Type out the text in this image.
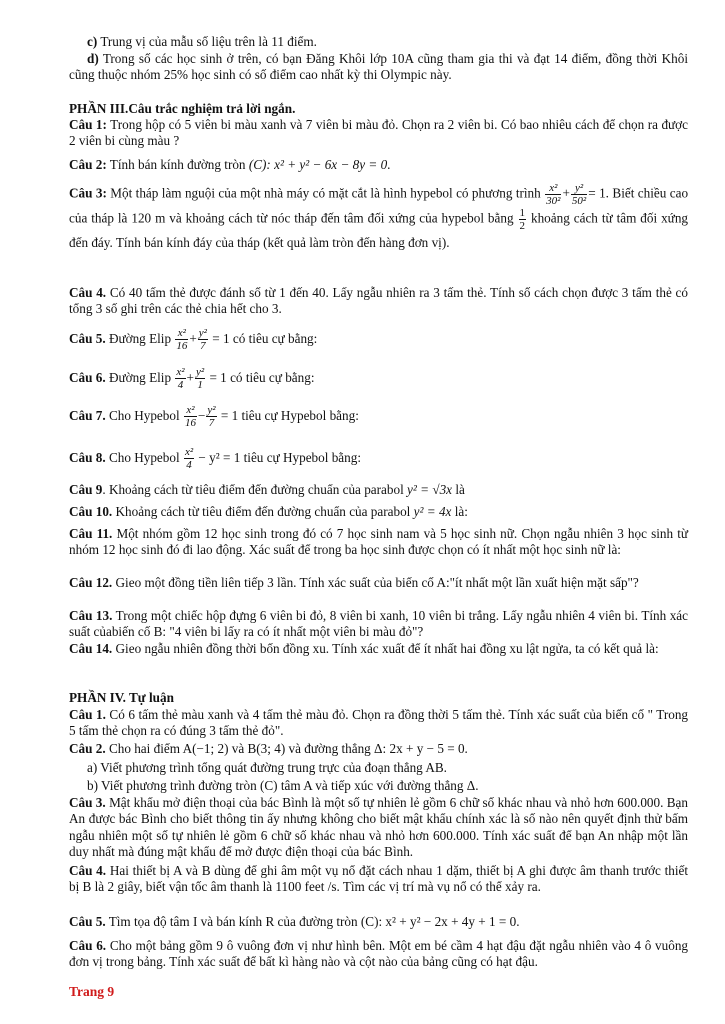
c) Trung vị của mẫu số liệu trên là 11 điểm.
d) Trong số các học sinh ở trên, có bạn Đăng Khôi lớp 10A cũng tham gia thi và đạt 14 điểm, đồng thời Khôi cũng thuộc nhóm 25% học sinh có số điểm cao nhất kỳ thi Olympic này.
PHẦN III.Câu trắc nghiệm trả lời ngắn.
Câu 1: Trong hộp có 5 viên bi màu xanh và 7 viên bi màu đỏ. Chọn ra 2 viên bi. Có bao nhiêu cách để chọn ra được 2 viên bi cùng màu ?
Câu 2: Tính bán kính đường tròn (C): x² + y² − 6x − 8y = 0.
Câu 3: Một tháp làm nguội của một nhà máy có mặt cắt là hình hypebol có phương trình $\frac{\text{x²}}{\text{30²}} + \frac{\text{y²}}{\text{50²}} = 1$. Biết chiều cao của tháp là 120 m và khoảng cách từ nóc tháp đến tâm đối xứng của hypebol bằng $\frac{1}{2}$ khoảng cách từ tâm đối xứng đến đáy. Tính bán kính đáy của tháp (kết quả làm tròn đến hàng đơn vị).
Câu 4. Có 40 tấm thẻ được đánh số từ 1 đến 40. Lấy ngẫu nhiên ra 3 tấm thẻ. Tính số cách chọn được 3 tấm thẻ có tổng 3 số ghi trên các thẻ chia hết cho 3.
Câu 5. Đường Elip $\frac{\text{x²}}{16} + \frac{\text{y²}}{7} = 1$ có tiêu cự bằng:
Câu 6. Đường Elip $\frac{\text{x²}}{4} + \frac{\text{y²}}{1} = 1$ có tiêu cự bằng:
Câu 7. Cho Hypebol $\frac{\text{x²}}{16} - \frac{\text{y²}}{7} = 1$ tiêu cự Hypebol bằng:
Câu 8. Cho Hypebol $\frac{\text{x²}}{4} - y^2 = 1$ tiêu cự Hypebol bằng:
Câu 9. Khoảng cách từ tiêu điểm đến đường chuẩn của parabol y² = √3x là
Câu 10. Khoảng cách từ tiêu điểm đến đường chuẩn của parabol y² = 4x là:
Câu 11. Một nhóm gồm 12 học sinh trong đó có 7 học sinh nam và 5 học sinh nữ. Chọn ngẫu nhiên 3 học sinh từ nhóm 12 học sinh đó đi lao động. Xác suất để trong ba học sinh được chọn có ít nhất một học sinh nữ là:
Câu 12. Gieo một đồng tiền liên tiếp 3 lần. Tính xác suất của biến cố A:"ít nhất một lần xuất hiện mặt sấp"?
Câu 13. Trong một chiếc hộp đựng 6 viên bi đỏ, 8 viên bi xanh, 10 viên bi trắng. Lấy ngẫu nhiên 4 viên bi. Tính xác suất củabiến cố B: "4 viên bi lấy ra có ít nhất một viên bi màu đỏ"?
Câu 14. Gieo ngẫu nhiên đồng thời bốn đồng xu. Tính xác xuất để ít nhất hai đồng xu lật ngửa, ta có kết quả là:
PHẦN IV. Tự luận
Câu 1. Có 6 tấm thẻ màu xanh và 4 tấm thẻ màu đỏ. Chọn ra đồng thời 5 tấm thẻ. Tính xác suất của biến cố " Trong 5 tấm thẻ chọn ra có đúng 3 tấm thẻ đỏ".
Câu 2. Cho hai điểm A(−1; 2) và B(3; 4) và đường thẳng Δ: 2x + y − 5 = 0.
a) Viết phương trình tổng quát đường trung trực của đoạn thẳng AB.
b) Viết phương trình đường tròn (C) tâm A và tiếp xúc với đường thẳng Δ.
Câu 3. Mật khẩu mở điện thoại của bác Bình là một số tự nhiên lẻ gồm 6 chữ số khác nhau và nhỏ hơn 600.000. Bạn An được bác Bình cho biết thông tin ấy nhưng không cho biết mật khẩu chính xác là số nào nên quyết định thử bấm ngẫu nhiên một số tự nhiên lẻ gồm 6 chữ số khác nhau và nhỏ hơn 600.000. Tính xác suất để bạn An nhập một lần duy nhất mà đúng mật khẩu để mở được điện thoại của bác Bình.
Câu 4. Hai thiết bị A và B dùng để ghi âm một vụ nổ đặt cách nhau 1 dặm, thiết bị A ghi được âm thanh trước thiết bị B là 2 giây, biết vận tốc âm thanh là 1100 feet /s. Tìm các vị trí mà vụ nổ có thể xảy ra.
Câu 5. Tìm tọa độ tâm I và bán kính R của đường tròn (C): x² + y² − 2x + 4y + 1 = 0.
Câu 6. Cho một bảng gồm 9 ô vuông đơn vị như hình bên. Một em bé cầm 4 hạt đậu đặt ngẫu nhiên vào 4 ô vuông đơn vị trong bảng. Tính xác suất để bất kì hàng nào và cột nào của bảng cũng có hạt đậu.
Trang 9
